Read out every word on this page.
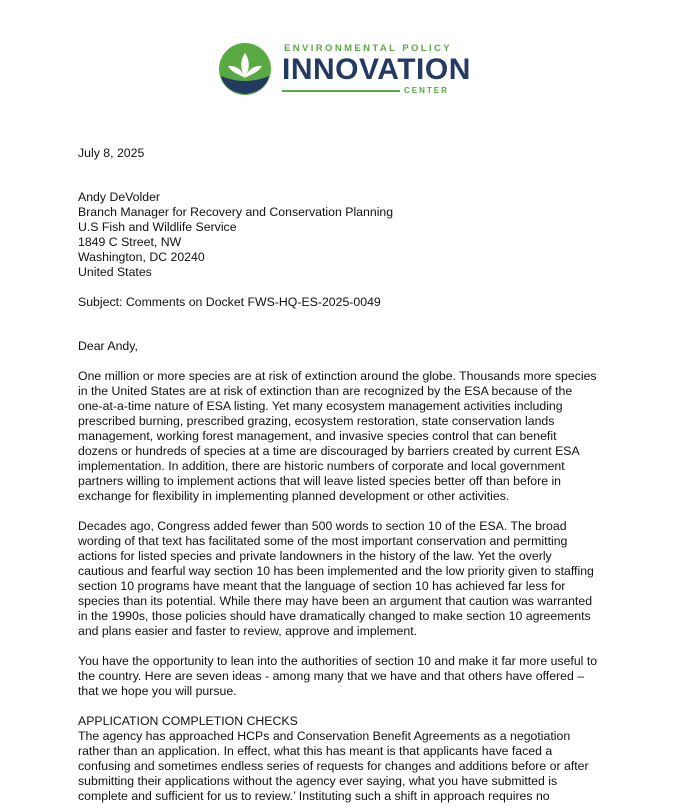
ENVIRONMENTAL POLICY
INNOVATION
CENTER

July 8, 2025

Andy DeVolder

Branch Manager for Recovery and Conservation Planning

U.S Fish and Wildlife Service

1849 C Street, NW

Washington, DC 20240

United States

Subject: Comments on Docket FWS-HQ-ES-2025-0049

Dear Andy,

One million or more species are at risk of extinction around the globe. Thousands more species in the United States are at risk of extinction than are recognized by the ESA because of the one-at-a-time nature of ESA listing. Yet many ecosystem management activities including prescribed burning, prescribed grazing, ecosystem restoration, state conservation lands management, working forest management, and invasive species control that can benefit dozens or hundreds of species at a time are discouraged by barriers created by current ESA implementation. In addition, there are historic numbers of corporate and local government partners willing to implement actions that will leave listed species better off than before in exchange for flexibility in implementing planned development or other activities.

Decades ago, Congress added fewer than 500 words to section 10 of the ESA. The broad wording of that text has facilitated some of the most important conservation and permitting actions for listed species and private landowners in the history of the law. Yet the overly cautious and fearful way section 10 has been implemented and the low priority given to staffing section 10 programs have meant that the language of section 10 has achieved far less for species than its potential. While there may have been an argument that caution was warranted in the 1990s, those policies should have dramatically changed to make section 10 agreements and plans easier and faster to review, approve and implement.

You have the opportunity to lean into the authorities of section 10 and make it far more useful to the country. Here are seven ideas - among many that we have and that others have offered – that we hope you will pursue.

APPLICATION COMPLETION CHECKS

The agency has approached HCPs and Conservation Benefit Agreements as a negotiation rather than an application. In effect, what this has meant is that applicants have faced a confusing and sometimes endless series of requests for changes and additions before or after submitting their applications without the agency ever saying, what you have submitted is complete and sufficient for us to review.’ Instituting such a shift in approach requires no
